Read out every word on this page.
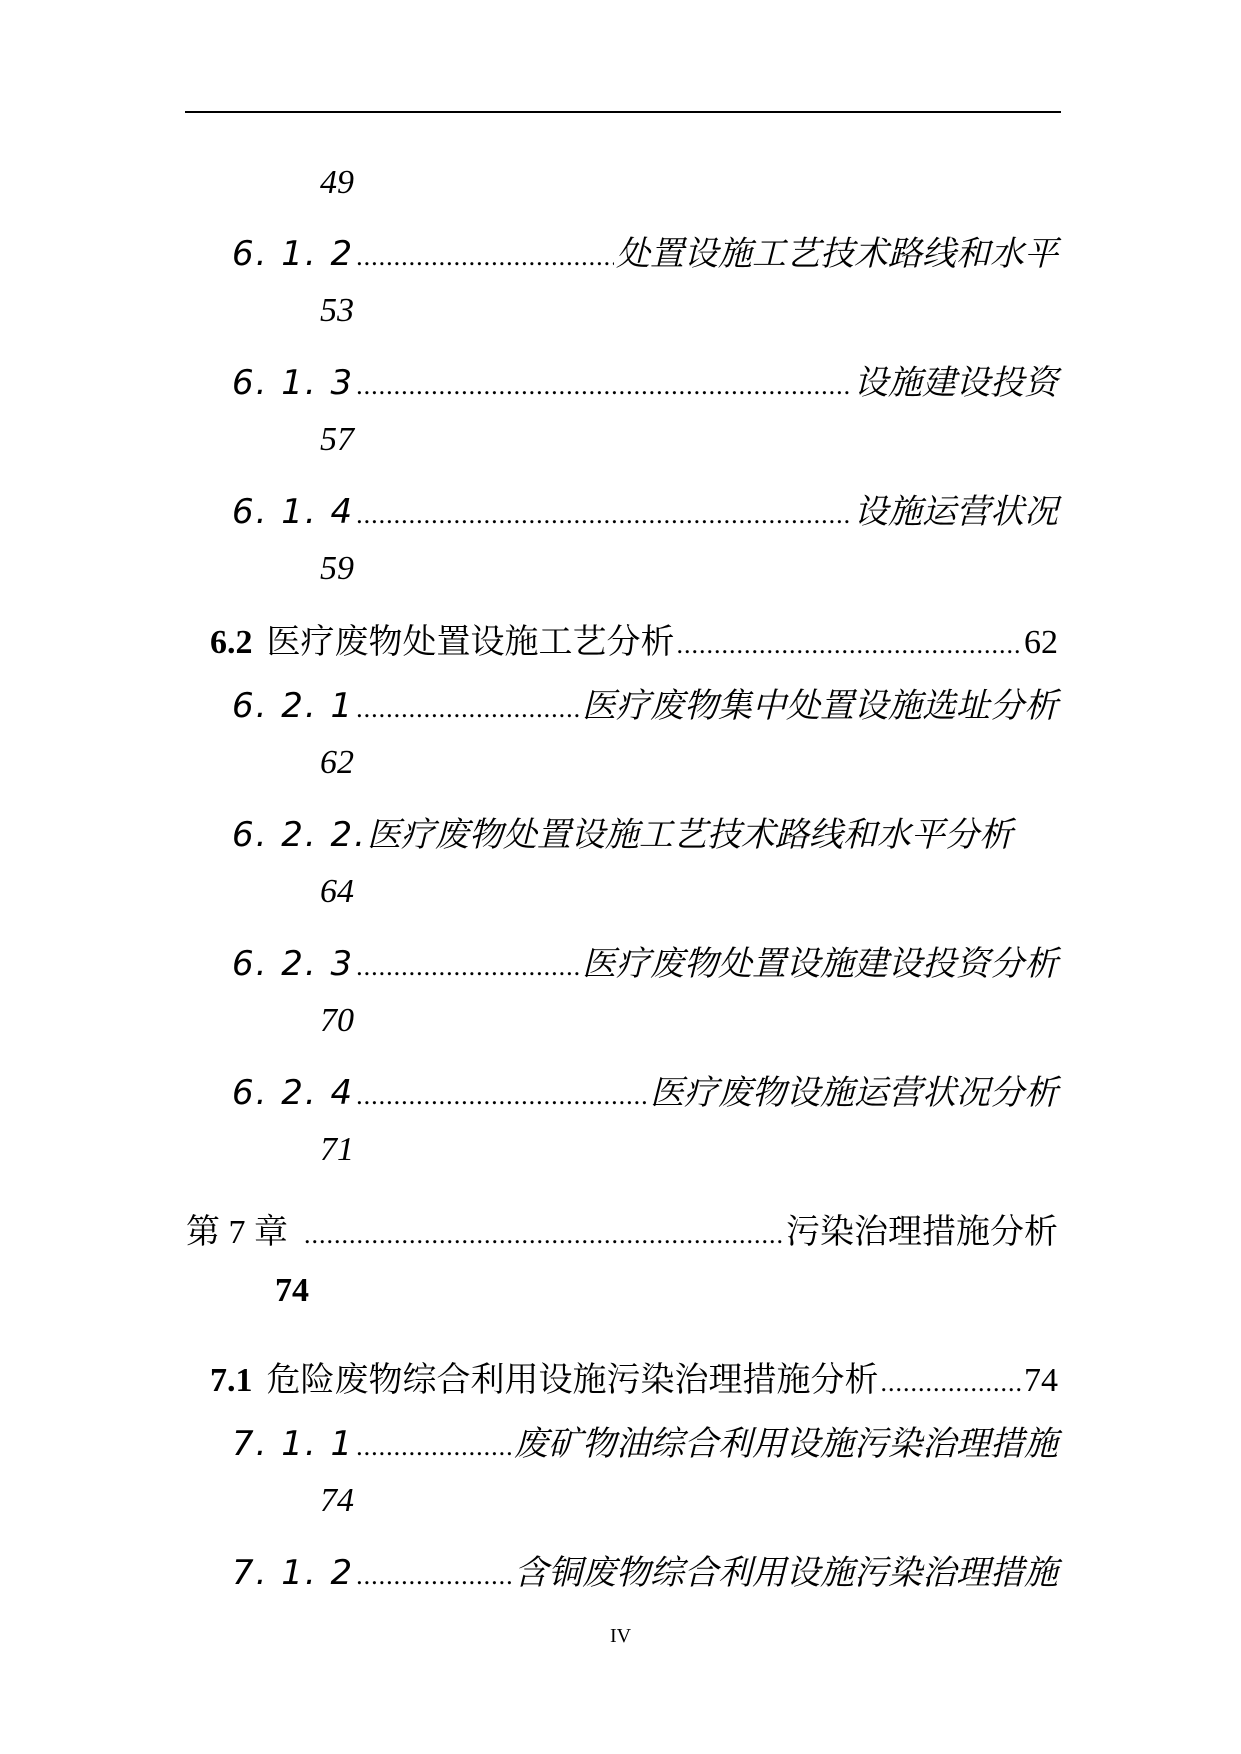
49
6. 1. 2 .....	处置设施工艺技术路线和水平
53
6. 1. 3 .....	设施建设投资
57
6. 1. 4 .....	设施运营状况
59
6.2 医疗废物处置设施工艺分析 .....	62
6. 2. 1 .....	医疗废物集中处置设施选址分析
62
6. 2. 2. 医疗废物处置设施工艺技术路线和水平分析
64
6. 2. 3 .....	医疗废物处置设施建设投资分析
70
6. 2. 4 .....	医疗废物设施运营状况分析
71
第 7 章 .....	污染治理措施分析
74
7.1 危险废物综合利用设施污染治理措施分析 .....	74
7. 1. 1 .....	废矿物油综合利用设施污染治理措施
74
7. 1. 2 .....	含铜废物综合利用设施污染治理措施
IV
